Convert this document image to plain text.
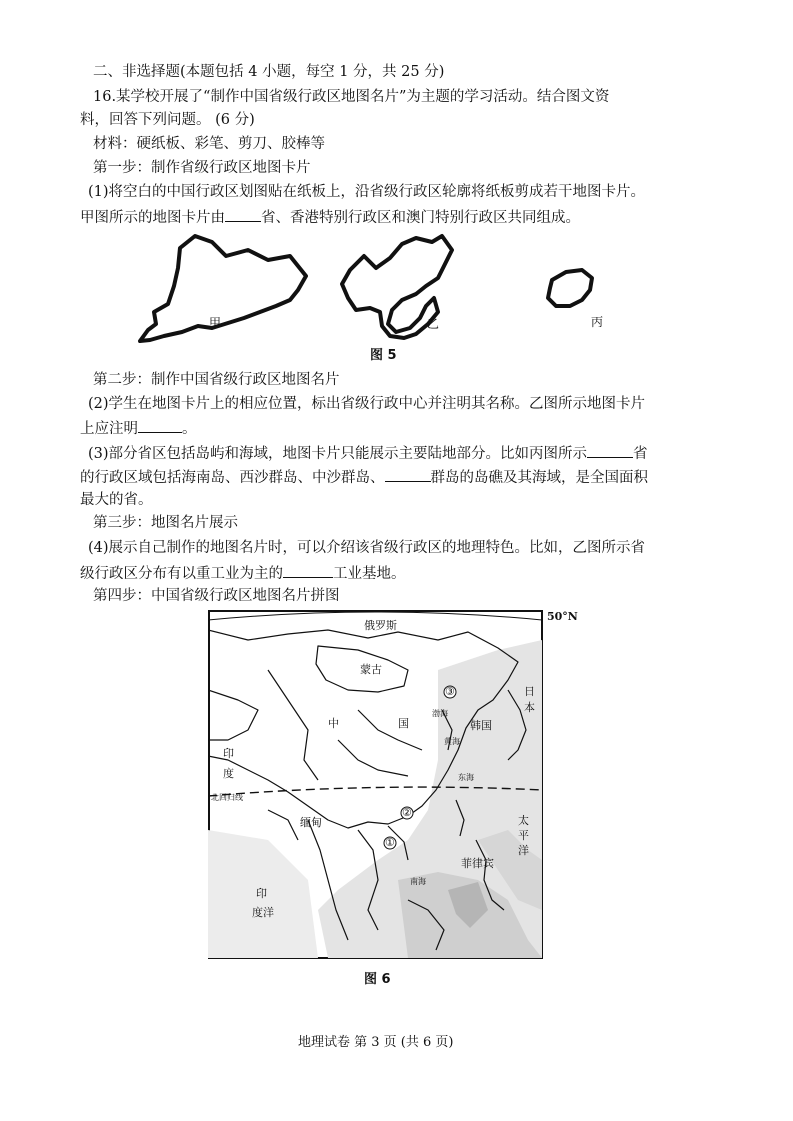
二、非选择题(本题包括 4 小题，每空 1 分，共 25 分)
16.某学校开展了“制作中国省级行政区地图名片”为主题的学习活动。结合图文资
料，回答下列问题。 (6 分)
材料：硬纸板、彩笔、剪刀、胶棒等
第一步：制作省级行政区地图卡片
(1)将空白的中国行政区划图贴在纸板上，沿省级行政区轮廓将纸板剪成若干地图卡片。
甲图所示的地图卡片由 省、香港特别行政区和澳门特别行政区共同组成。
甲	乙	丙
图 5
第二步：制作中国省级行政区地图名片
(2)学生在地图卡片上的相应位置，标出省级行政中心并注明其名称。乙图所示地图卡片
上应注明	。
(3)部分省区包括岛屿和海域，地图卡片只能展示主要陆地部分。比如丙图所示	省
的行政区域包括海南岛、西沙群岛、中沙群岛、	群岛的岛礁及其海域，是全国面积
最大的省。
第三步：地图名片展示
(4)展示自己制作的地图名片时，可以介绍该省级行政区的地理特色。比如，乙图所示省
级行政区分布有以重工业为主的	工业基地。
第四步：中国省级行政区地图名片拼图
50°N
俄罗斯
蒙古
中	国
印
度
北回归线
缅甸
印
度洋
太
平
洋
菲律宾
南海
东海
黄海
渤海
韩国
日
本
①
②
③
图 6
地理试卷 第 3 页 (共 6 页)
